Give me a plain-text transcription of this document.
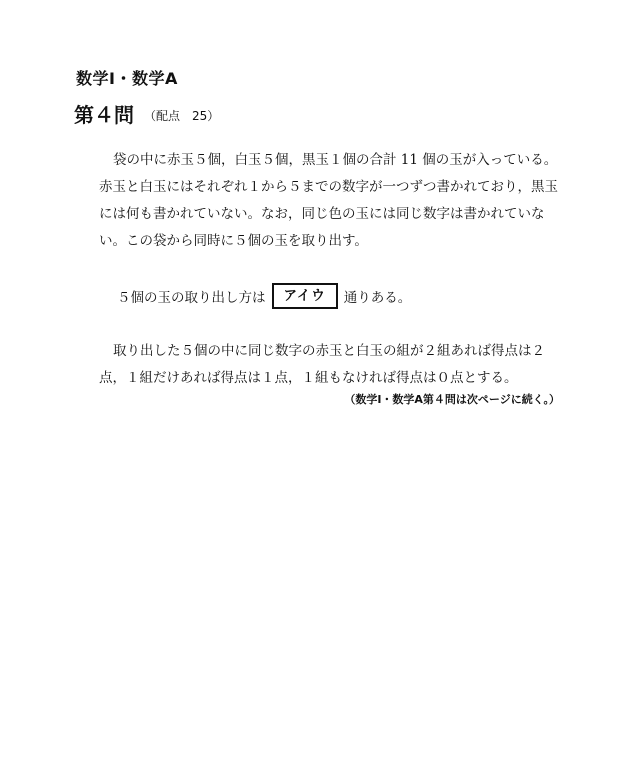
数学Ⅰ・数学A
第４問 （配点　25）

袋の中に赤玉５個，白玉５個，黒玉１個の合計 11 個の玉が入っている。赤玉と白玉にはそれぞれ１から５までの数字が一つずつ書かれており，黒玉には何も書かれていない。なお，同じ色の玉には同じ数字は書かれていない。この袋から同時に５個の玉を取り出す。

５個の玉の取り出し方は	アイウ	通りある。

取り出した５個の中に同じ数字の赤玉と白玉の組が２組あれば得点は２点，１組だけあれば得点は１点，１組もなければ得点は０点とする。

（数学Ⅰ・数学A第４問は次ページに続く。）
